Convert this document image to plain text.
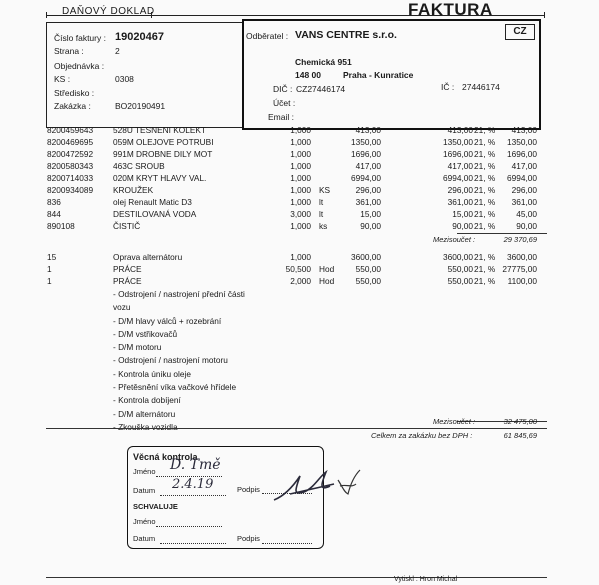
DAŇOVÝ DOKLAD	FAKTURA
Číslo faktury : 19020467
Strana :	2
Objednávka :
KS :	0308
Středisko :
Zakázka :	BO20190491
Odběratel : VANS CENTRE s.r.o.	CZ
Chemická 951
148 00	Praha - Kunratice
DIČ : CZ27446174	IČ : 27446174
Účet :
Email :
8200459643 528U TESNENI KOLEKT	1,000	413,00	413,00 21, % 413,00
8200469695 059M OLEJOVE POTRUBI	1,000	1350,00	1350,00 21, % 1350,00
8200472592 991M DROBNE DILY MOT	1,000	1696,00	1696,00 21, % 1696,00
8200580343 463C SROUB	1,000	417,00	417,00 21, % 417,00
8200714033 020M KRYT HLAVY VAL.	1,000	6994,00	6994,00 21, % 6994,00
8200934089 KROUŽEK	1,000 KS	296,00	296,00 21, % 296,00
836	olej Renault Matic D3	1,000 lt	361,00	361,00 21, % 361,00
844	DESTILOVANÁ VODA	3,000 lt	15,00	15,00 21, %	45,00
890108	ČISTIČ	1,000 ks	90,00	90,00 21, %	90,00
Mezisoučet :	29 370,69
15	Oprava alternátoru	1,000	3600,00	3600,00 21, % 3600,00
1	PRÁCE	50,500 Hod	550,00	550,00 21, % 27775,00
1	PRÁCE	2,000 Hod	550,00	550,00 21, % 1100,00
- Odstrojení / nastrojení přední části
vozu
- D/M hlavy válců + rozebrání
- D/M vstřikovačů
- D/M motoru
- Odstrojení / nastrojení motoru
- Kontrola úniku oleje
- Přetěsnění víka vačkové hřídele
- Kontrola dobíjení
- D/M alternátoru
- Zkouška vozidla
Mezisoučet :	32 475,00
Celkem za zakázku bez DPH :	61 845,69
Věcná kontrola
Jméno D. Tmě
Datum 2.4.19	Podpis
SCHVALUJE
Jméno
Datum	Podpis
Vytiskl : Hron Michal
